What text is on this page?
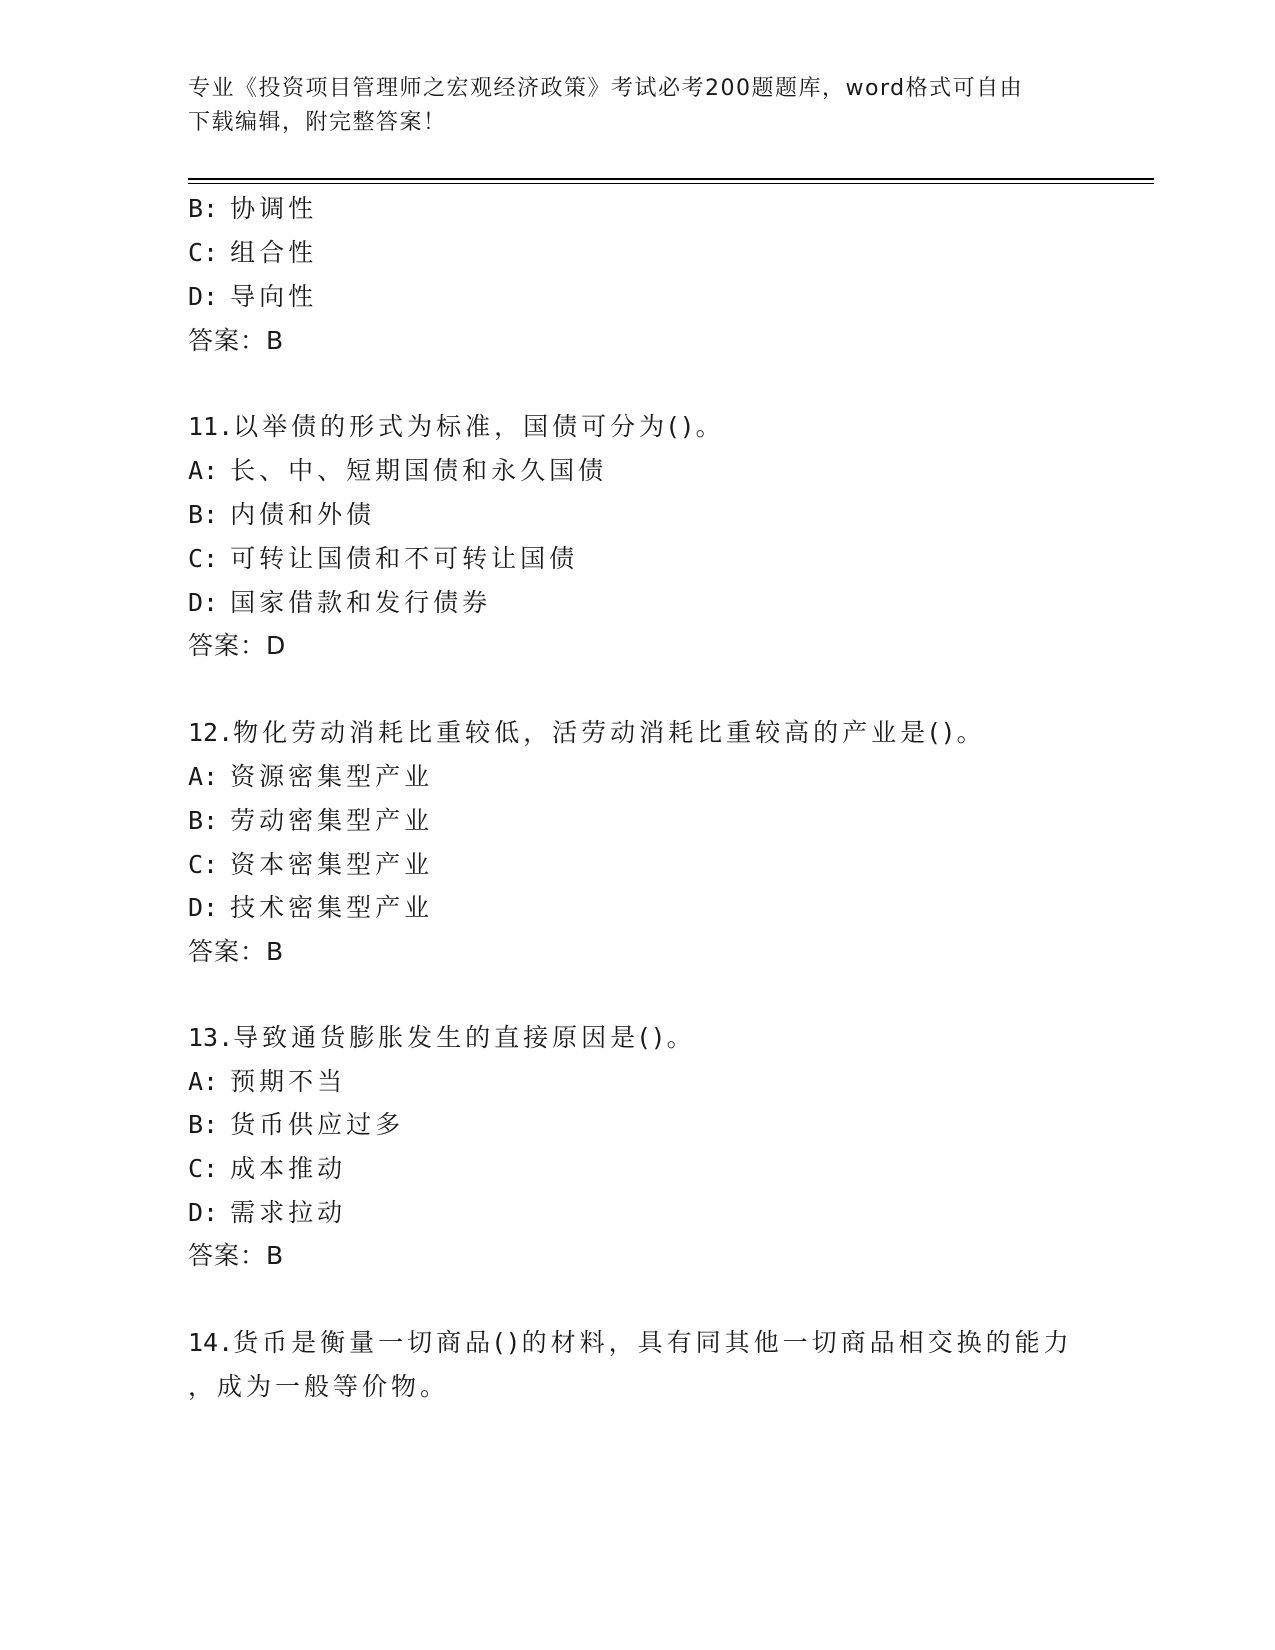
专业《投资项目管理师之宏观经济政策》考试必考200题题库，word格式可自由
下载编辑，附完整答案！
B: 协调性
C: 组合性
D: 导向性
答案：B
11.以举债的形式为标准，国债可分为()。
A: 长、中、短期国债和永久国债
B: 内债和外债
C: 可转让国债和不可转让国债
D: 国家借款和发行债券
答案：D
12.物化劳动消耗比重较低，活劳动消耗比重较高的产业是()。
A: 资源密集型产业
B: 劳动密集型产业
C: 资本密集型产业
D: 技术密集型产业
答案：B
13.导致通货膨胀发生的直接原因是()。
A: 预期不当
B: 货币供应过多
C: 成本推动
D: 需求拉动
答案：B
14.货币是衡量一切商品()的材料，具有同其他一切商品相交换的能力
，成为一般等价物。
